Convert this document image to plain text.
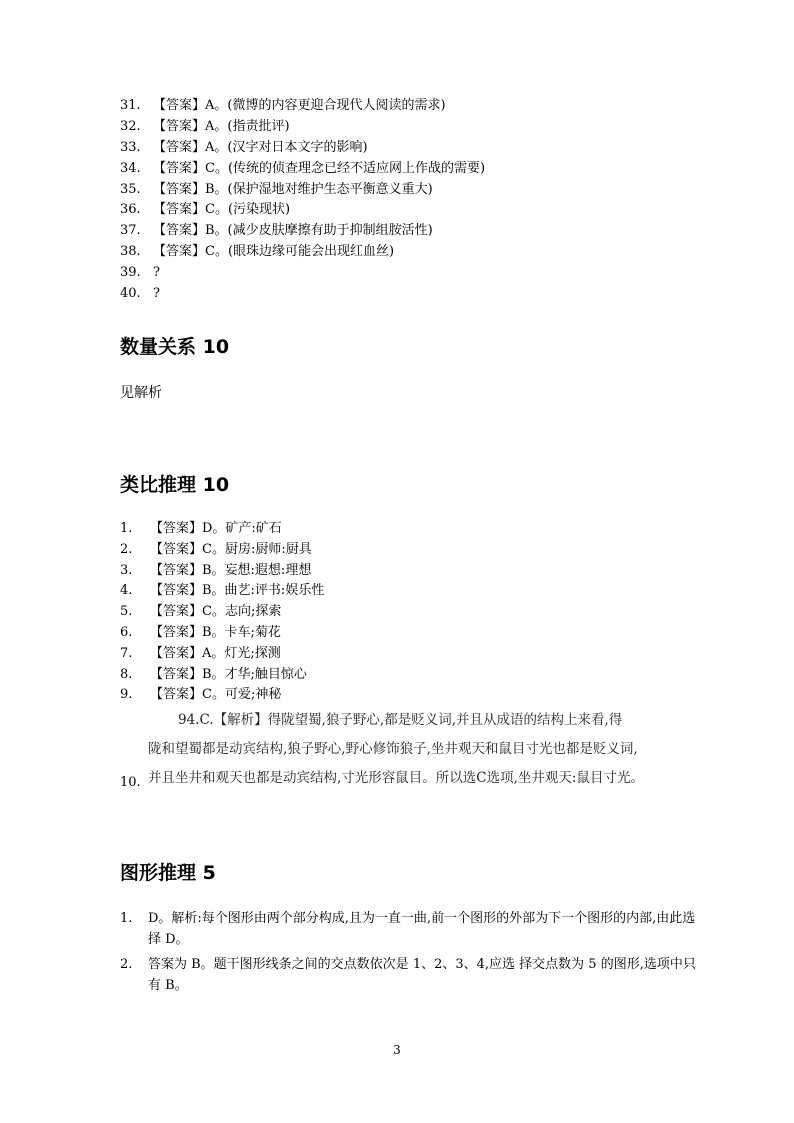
31. 【答案】A。(微博的内容更迎合现代人阅读的需求)
32. 【答案】A。(指责批评)
33. 【答案】A。(汉字对日本文字的影响)
34. 【答案】C。(传统的侦查理念已经不适应网上作战的需要)
35. 【答案】B。(保护湿地对维护生态平衡意义重大)
36. 【答案】C。(污染现状)
37. 【答案】B。(减少皮肤摩擦有助于抑制组胺活性)
38. 【答案】C。(眼珠边缘可能会出现红血丝)
39. ?
40. ?
数量关系 10
见解析
类比推理 10
1. 【答案】D。矿产:矿石
2. 【答案】C。厨房:厨师:厨具
3. 【答案】B。妄想:遐想:理想
4. 【答案】B。曲艺:评书:娱乐性
5. 【答案】C。志向;探索
6. 【答案】B。卡车;菊花
7. 【答案】A。灯光;探测
8. 【答案】B。才华;触目惊心
9. 【答案】C。可爱;神秘

94.C.【解析】得陇望蜀,狼子野心,都是贬义词,并且从成语的结构上来看,得

陇和望蜀都是动宾结构,狼子野心,野心修饰狼子,坐井观天和鼠目寸光也都是贬义词,

并且坐井和观天也都是动宾结构,寸光形容鼠目。所以选C选项,坐井观天:鼠目寸光。

10.
图形推理 5
1.	D。解析:每个图形由两个部分构成,且为一直一曲,前一个图形的外部为下一个图形的内部,由此选择 D。
2.	答案为 B。题干图形线条之间的交点数依次是 1、2、3、4,应选 择交点数为 5 的图形,选项中只有 B。
3
